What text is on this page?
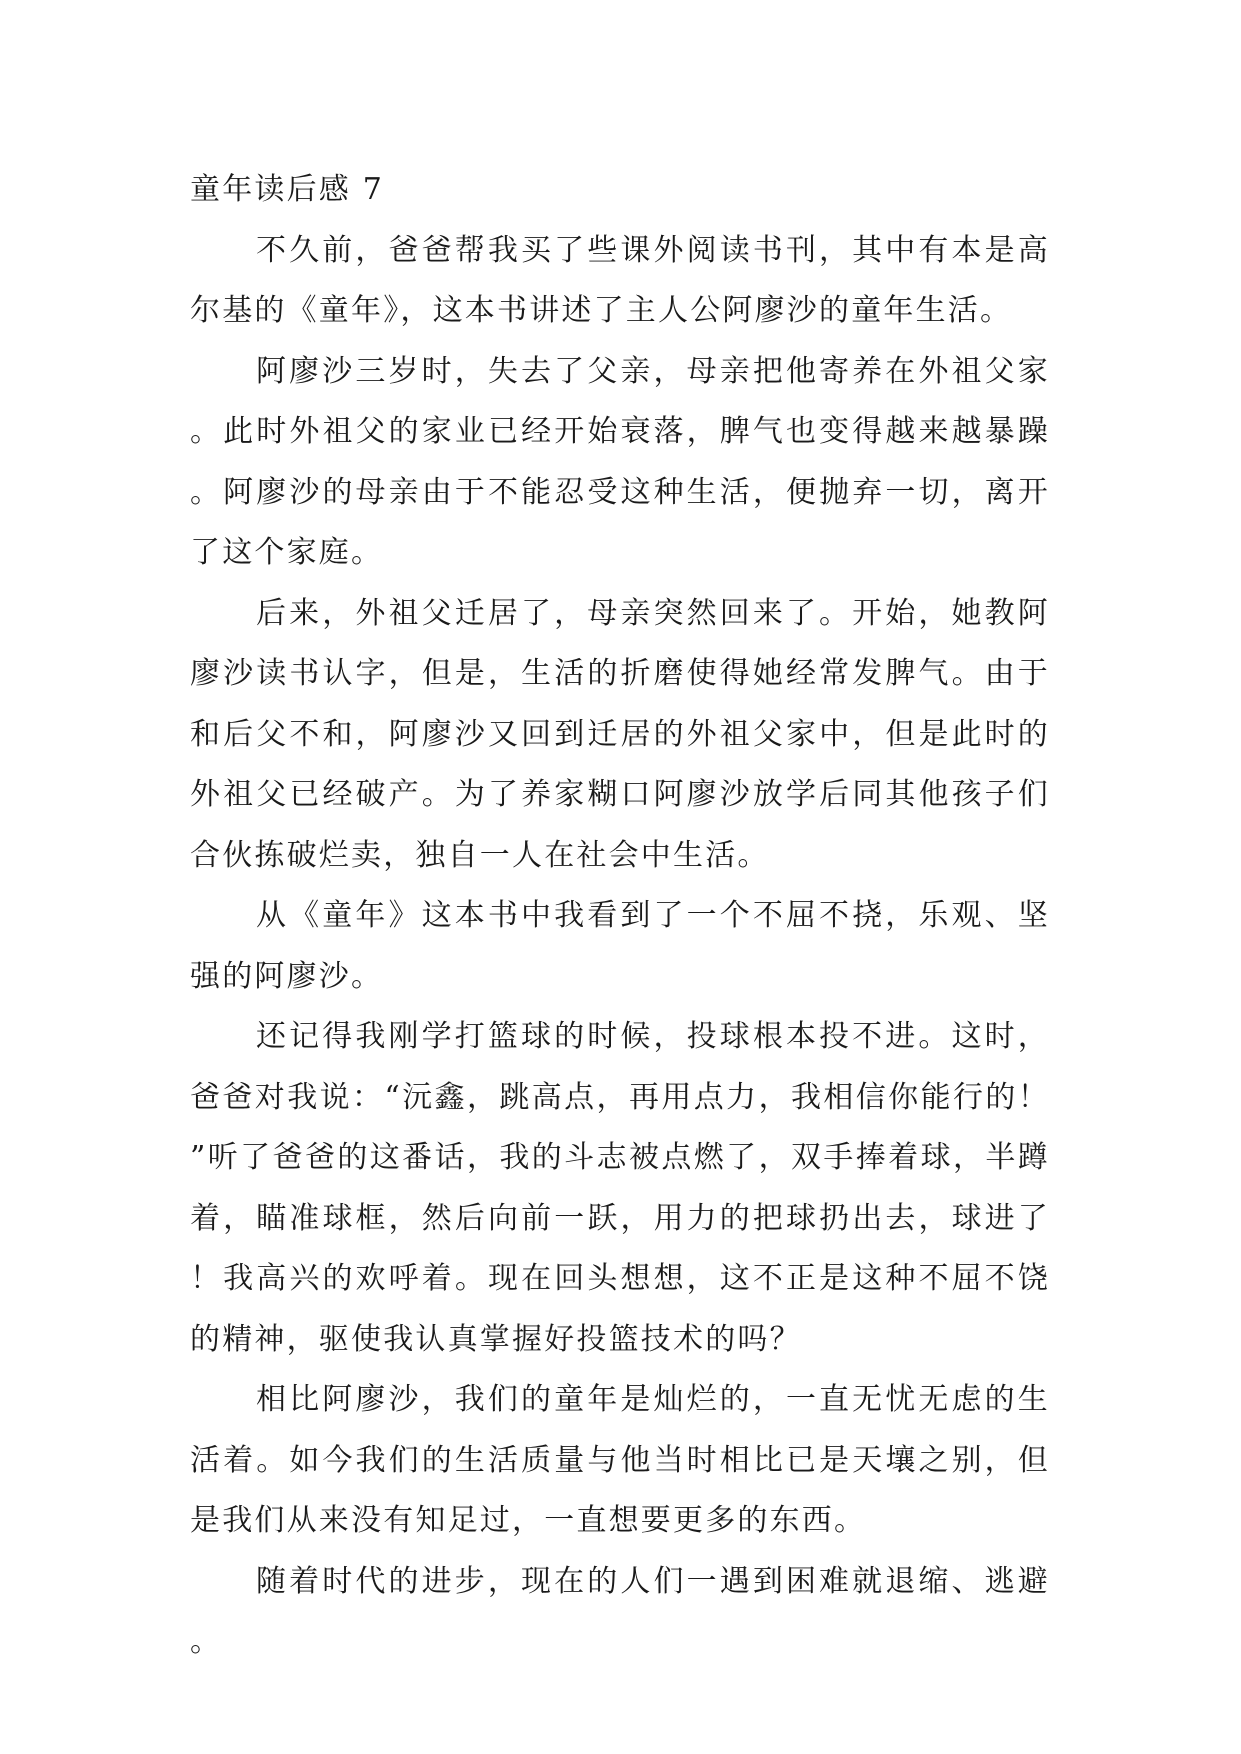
童年读后感 7

不久前，爸爸帮我买了些课外阅读书刊，其中有本是高尔基的《童年》，这本书讲述了主人公阿廖沙的童年生活。

阿廖沙三岁时，失去了父亲，母亲把他寄养在外祖父家。此时外祖父的家业已经开始衰落，脾气也变得越来越暴躁。阿廖沙的母亲由于不能忍受这种生活，便抛弃一切，离开了这个家庭。

后来，外祖父迁居了，母亲突然回来了。开始，她教阿廖沙读书认字，但是，生活的折磨使得她经常发脾气。由于和后父不和，阿廖沙又回到迁居的外祖父家中，但是此时的外祖父已经破产。为了养家糊口阿廖沙放学后同其他孩子们合伙拣破烂卖，独自一人在社会中生活。

从《童年》这本书中我看到了一个不屈不挠，乐观、坚强的阿廖沙。

还记得我刚学打篮球的时候，投球根本投不进。这时，爸爸对我说：“沅鑫，跳高点，再用点力，我相信你能行的！”听了爸爸的这番话，我的斗志被点燃了，双手捧着球，半蹲着，瞄准球框，然后向前一跃，用力的把球扔出去，球进了！我高兴的欢呼着。现在回头想想，这不正是这种不屈不饶的精神，驱使我认真掌握好投篮技术的吗？

相比阿廖沙，我们的童年是灿烂的，一直无忧无虑的生活着。如今我们的生活质量与他当时相比已是天壤之别，但是我们从来没有知足过，一直想要更多的东西。

随着时代的进步，现在的人们一遇到困难就退缩、逃避。
